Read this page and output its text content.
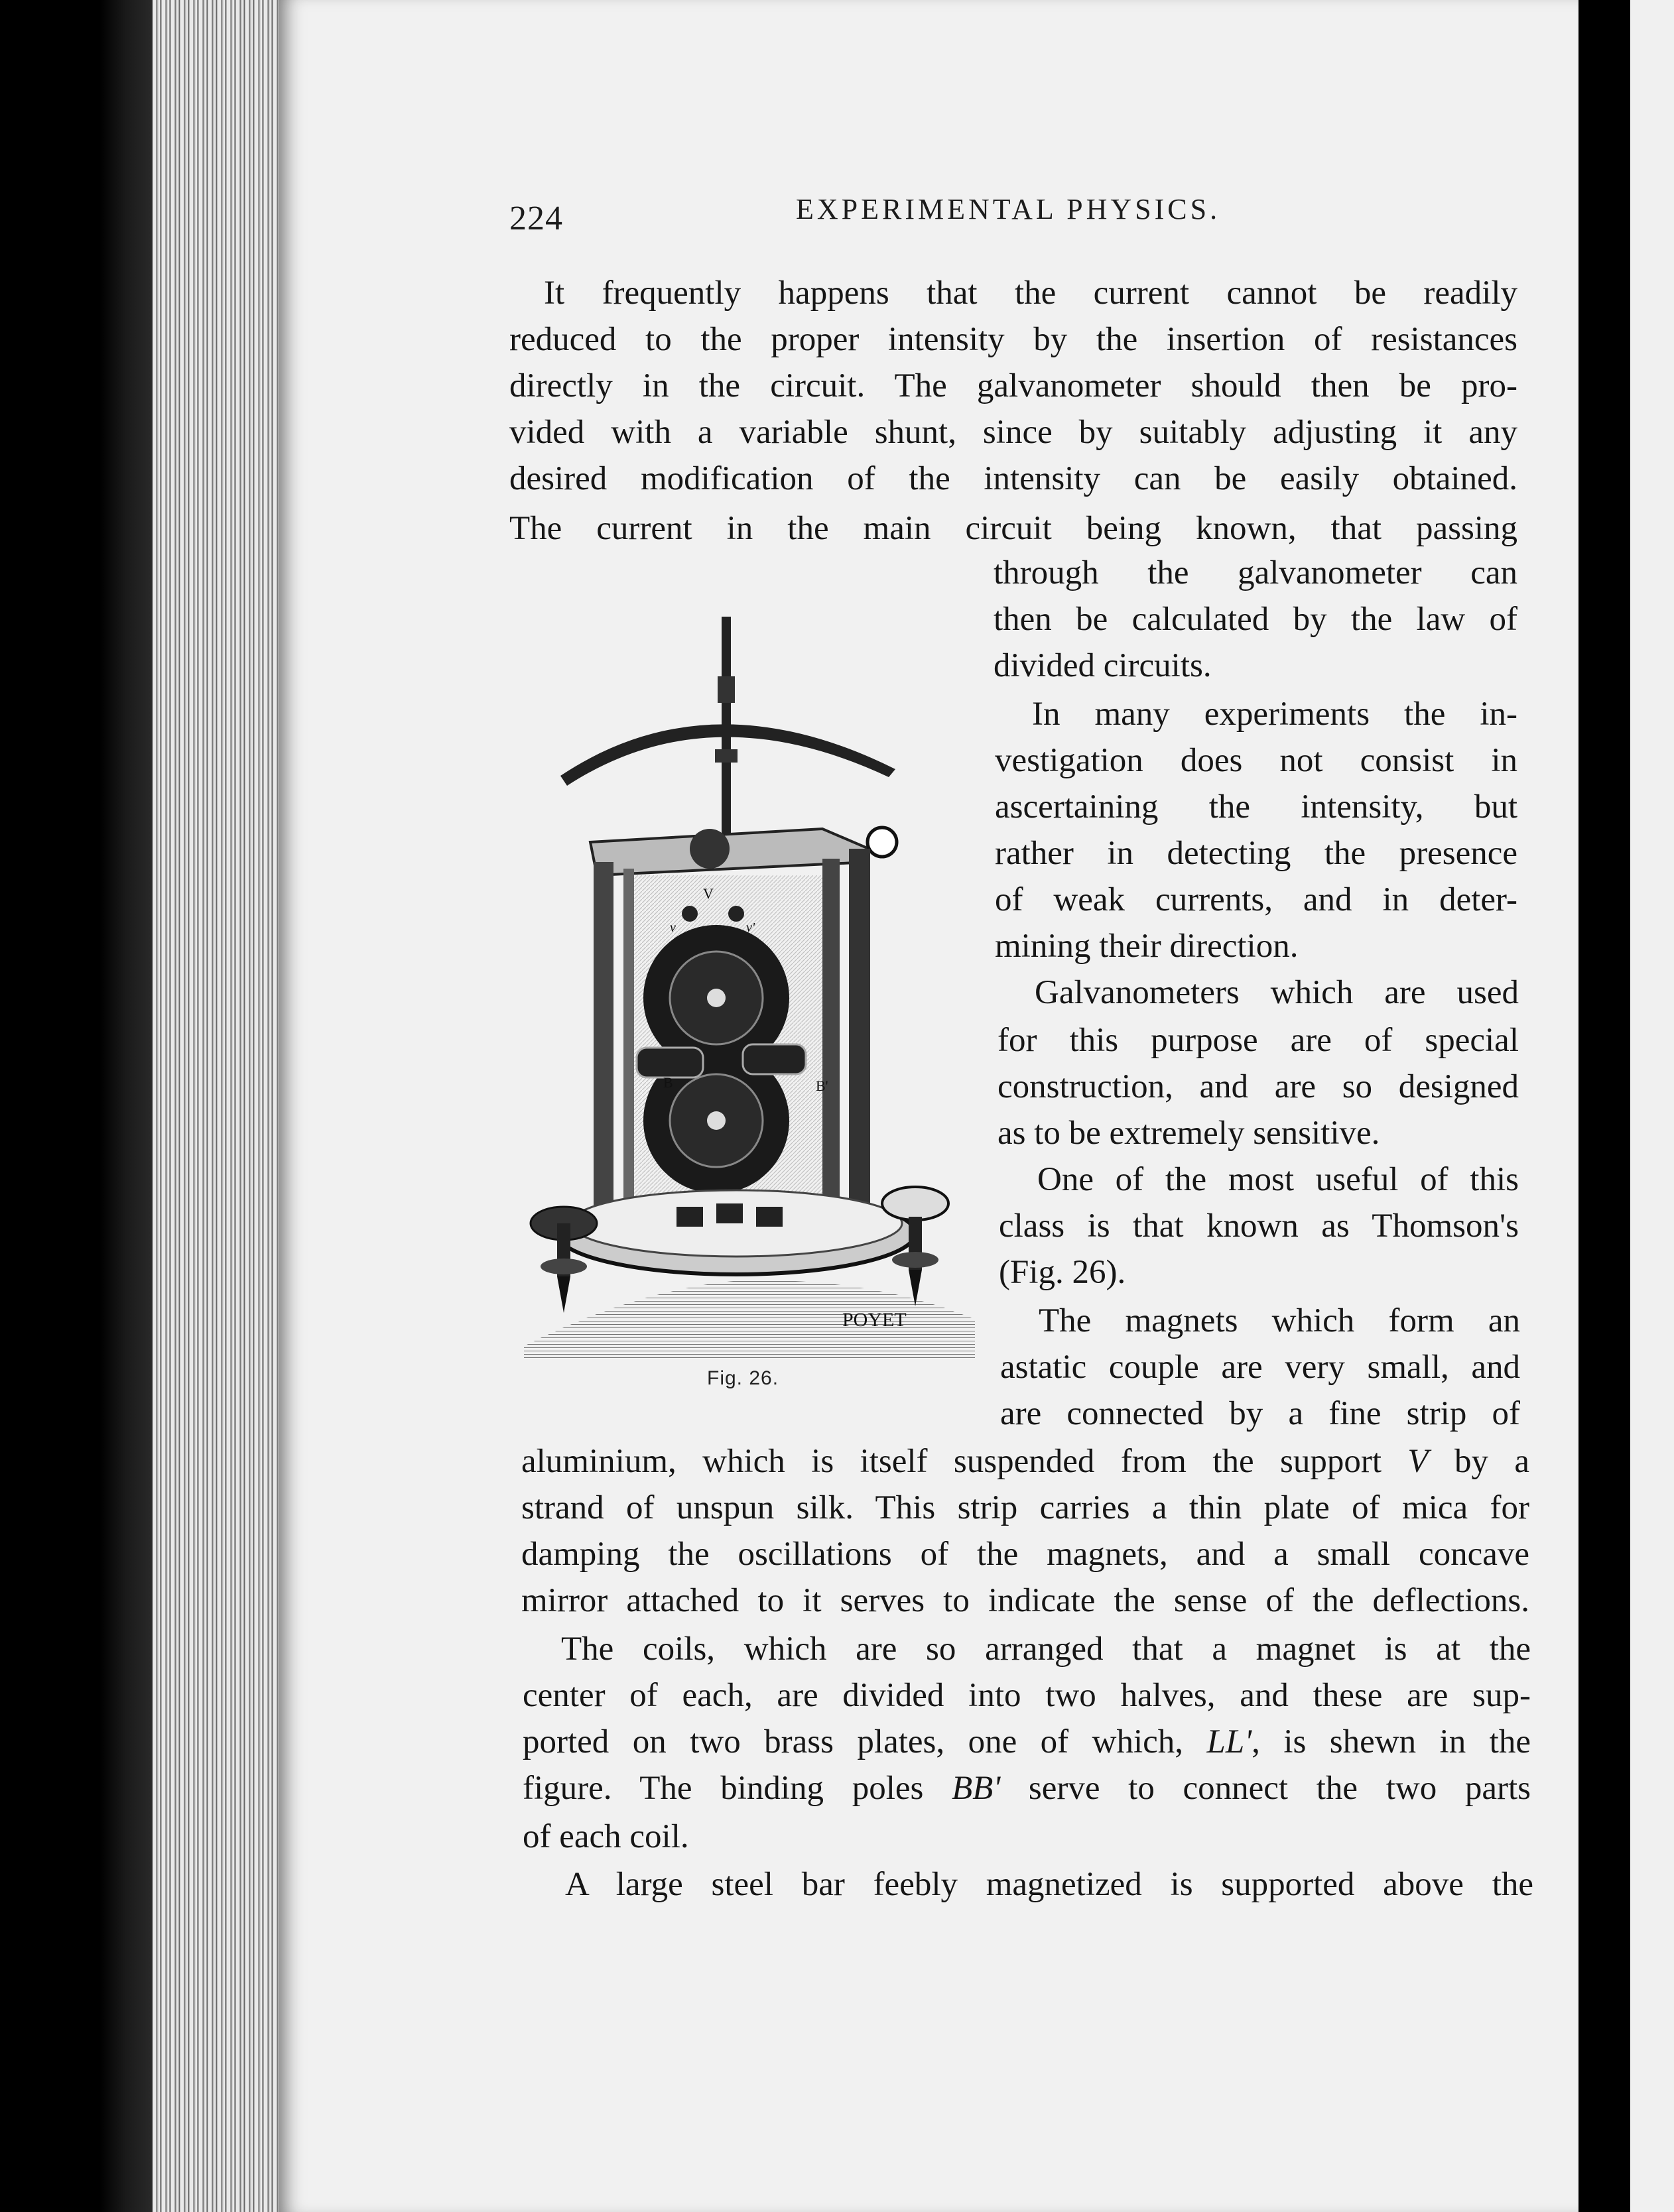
224	EXPERIMENTAL PHYSICS.
It frequently happens that the current cannot be readily
reduced to the proper intensity by the insertion of resistances
directly in the circuit. The galvanometer should then be pro-
vided with a variable shunt, since by suitably adjusting it any
desired modification of the intensity can be easily obtained.
The current in the main circuit being known, that passing
through the galvanometer can
then be calculated by the law of
divided circuits.
In many experiments the in-
vestigation does not consist in
ascertaining the intensity, but
rather in detecting the presence
of weak currents, and in deter-
mining their direction.
Galvanometers which are used
for this purpose are of special
construction, and are so designed
as to be extremely sensitive.
One of the most useful of this
class is that known as Thomson's
(Fig. 26).
The magnets which form an
astatic couple are very small, and
are connected by a fine strip of
aluminium, which is itself suspended from the support V by a
strand of unspun silk. This strip carries a thin plate of mica for
damping the oscillations of the magnets, and a small concave
mirror attached to it serves to indicate the sense of the deflections.
The coils, which are so arranged that a magnet is at the
center of each, are divided into two halves, and these are sup-
ported on two brass plates, one of which, LL', is shewn in the
figure. The binding poles BB' serve to connect the two parts
of each coil.
A large steel bar feebly magnetized is supported above the
V
v	v'
B	B'
POYET
Fig. 26.
